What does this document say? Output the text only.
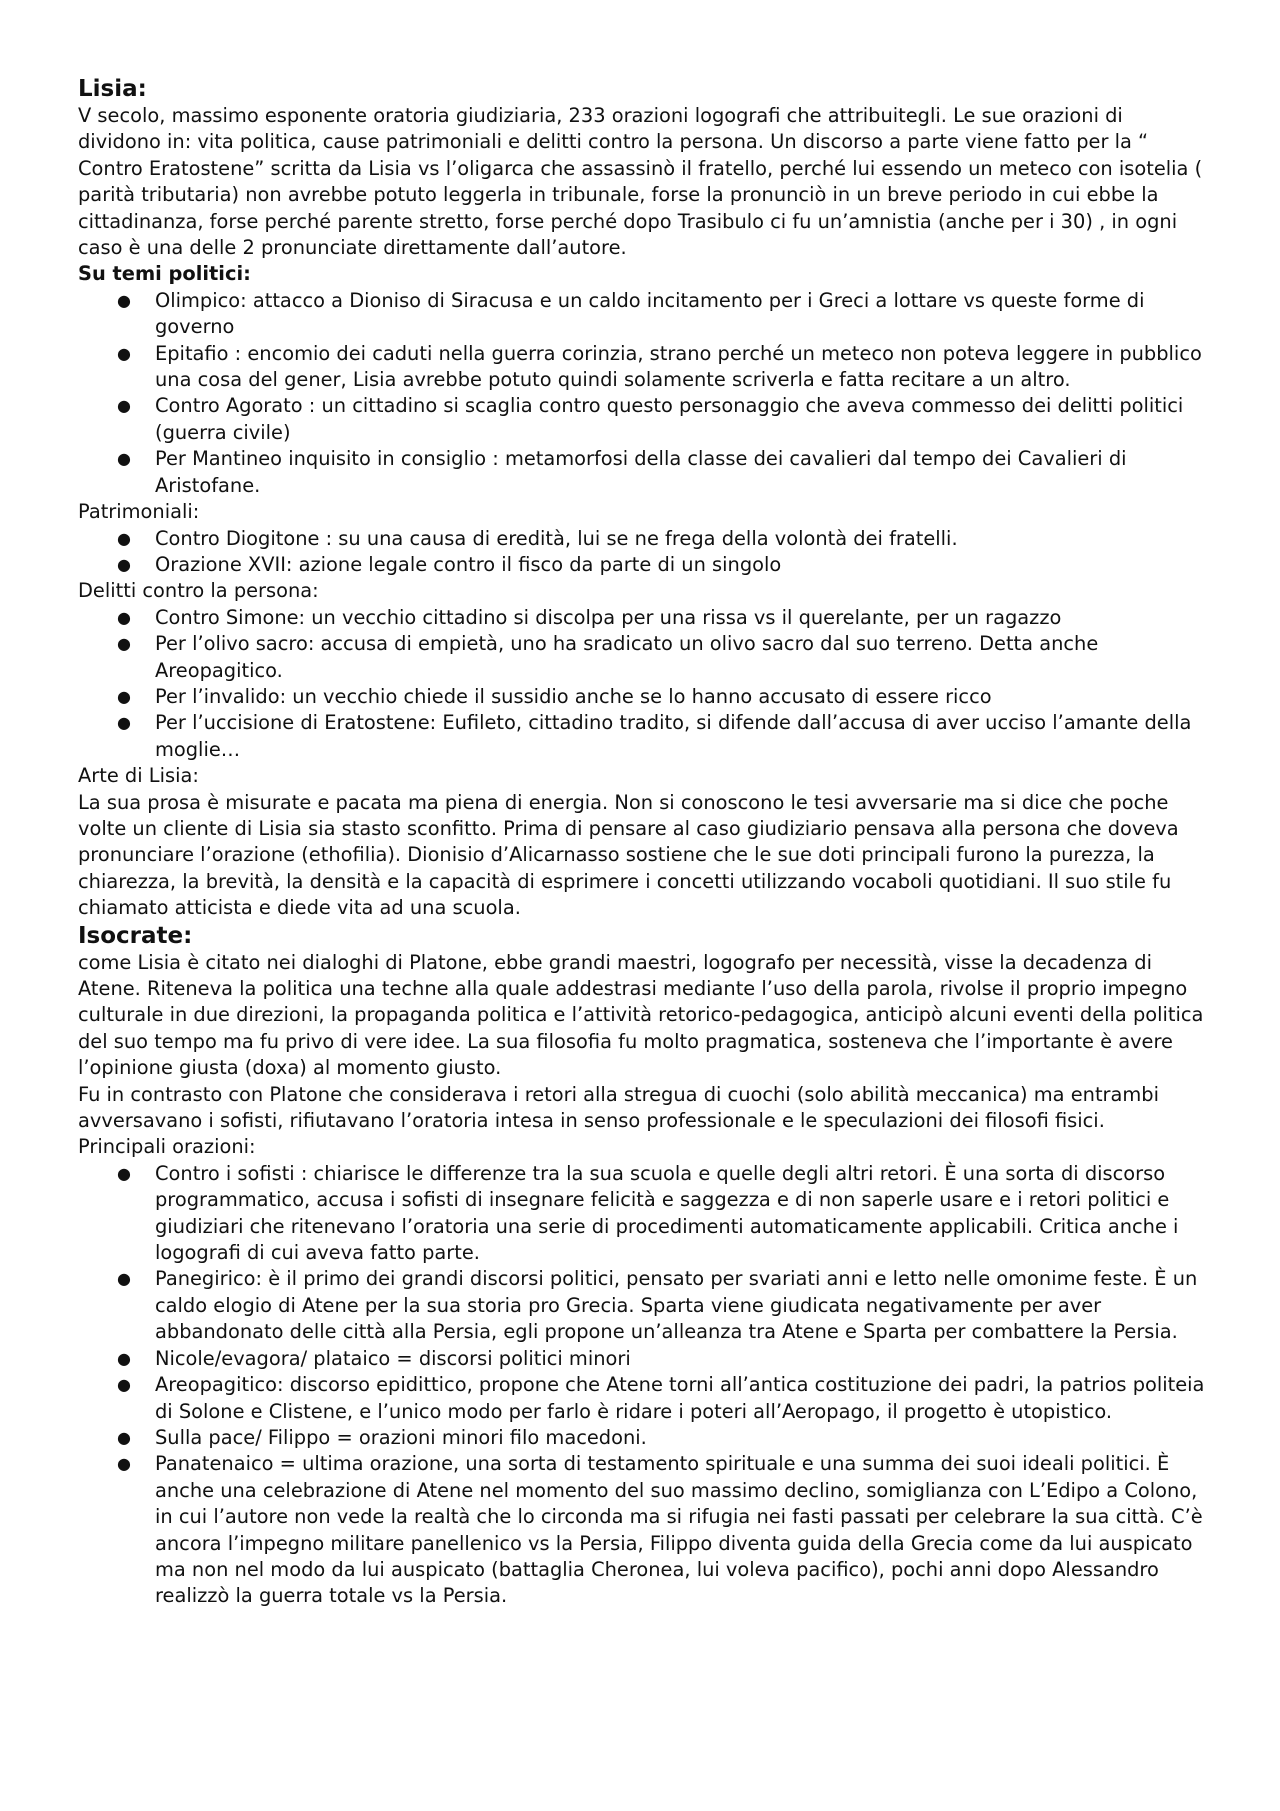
Lisia:

V secolo, massimo esponente oratoria giudiziaria, 233 orazioni logografi che attribuitegli. Le sue orazioni di dividono in: vita politica, cause patrimoniali e delitti contro la persona. Un discorso a parte viene fatto per la “ Contro Eratostene” scritta da Lisia vs l’oligarca che assassinò il fratello, perché lui essendo un meteco con isotelia ( parità tributaria) non avrebbe potuto leggerla in tribunale, forse la pronunciò in un breve periodo in cui ebbe la cittadinanza, forse perché parente stretto, forse perché dopo Trasibulo ci fu un’amnistia (anche per i 30) , in ogni caso è una delle 2 pronunciate direttamente dall’autore.

Su temi politici:

● Olimpico: attacco a Dioniso di Siracusa e un caldo incitamento per i Greci a lottare vs queste forme di governo
● Epitafio : encomio dei caduti nella guerra corinzia, strano perché un meteco non poteva leggere in pubblico una cosa del gener, Lisia avrebbe potuto quindi solamente scriverla e fatta recitare a un altro.
● Contro Agorato : un cittadino si scaglia contro questo personaggio che aveva commesso dei delitti politici (guerra civile)
● Per Mantineo inquisito in consiglio : metamorfosi della classe dei cavalieri dal tempo dei Cavalieri di Aristofane.

Patrimoniali:

● Contro Diogitone : su una causa di eredità, lui se ne frega della volontà dei fratelli.
● Orazione XVII: azione legale contro il fisco da parte di un singolo

Delitti contro la persona:

● Contro Simone: un vecchio cittadino si discolpa per una rissa vs il querelante, per un ragazzo
● Per l’olivo sacro: accusa di empietà, uno ha sradicato un olivo sacro dal suo terreno. Detta anche Areopagitico.
● Per l’invalido: un vecchio chiede il sussidio anche se lo hanno accusato di essere ricco
● Per l’uccisione di Eratostene: Eufileto, cittadino tradito, si difende dall’accusa di aver ucciso l’amante della moglie…

Arte di Lisia:

La sua prosa è misurate e pacata ma piena di energia. Non si conoscono le tesi avversarie ma si dice che poche volte un cliente di Lisia sia stasto sconfitto. Prima di pensare al caso giudiziario pensava alla persona che doveva pronunciare l’orazione (ethofilia). Dionisio d’Alicarnasso sostiene che le sue doti principali furono la purezza, la chiarezza, la brevità, la densità e la capacità di esprimere i concetti utilizzando vocaboli quotidiani. Il suo stile fu chiamato atticista e diede vita ad una scuola.

Isocrate:

come Lisia è citato nei dialoghi di Platone, ebbe grandi maestri, logografo per necessità, visse la decadenza di Atene. Riteneva la politica una techne alla quale addestrasi mediante l’uso della parola, rivolse il proprio impegno culturale in due direzioni, la propaganda politica e l’attività retorico-pedagogica, anticipò alcuni eventi della politica del suo tempo ma fu privo di vere idee. La sua filosofia fu molto pragmatica, sosteneva che l’importante è avere l’opinione giusta (doxa) al momento giusto.

Fu in contrasto con Platone che considerava i retori alla stregua di cuochi (solo abilità meccanica) ma entrambi avversavano i sofisti, rifiutavano l’oratoria intesa in senso professionale e le speculazioni dei filosofi fisici.

Principali orazioni:

● Contro i sofisti : chiarisce le differenze tra la sua scuola e quelle degli altri retori. È una sorta di discorso programmatico, accusa i sofisti di insegnare felicità e saggezza e di non saperle usare e i retori politici e giudiziari che ritenevano l’oratoria una serie di procedimenti automaticamente applicabili. Critica anche i logografi di cui aveva fatto parte.
● Panegirico: è il primo dei grandi discorsi politici, pensato per svariati anni e letto nelle omonime feste. È un caldo elogio di Atene per la sua storia pro Grecia. Sparta viene giudicata negativamente per aver abbandonato delle città alla Persia, egli propone un’alleanza tra Atene e Sparta per combattere la Persia.
● Nicole/evagora/ plataico = discorsi politici minori
● Areopagitico: discorso epidittico, propone che Atene torni all’antica costituzione dei padri, la patrios politeia di Solone e Clistene, e l’unico modo per farlo è ridare i poteri all’Aeropago, il progetto è utopistico.
● Sulla pace/ Filippo = orazioni minori filo macedoni.
● Panatenaico = ultima orazione, una sorta di testamento spirituale e una summa dei suoi ideali politici. È anche una celebrazione di Atene nel momento del suo massimo declino, somiglianza con L’Edipo a Colono, in cui l’autore non vede la realtà che lo circonda ma si rifugia nei fasti passati per celebrare la sua città. C’è ancora l’impegno militare panellenico vs la Persia, Filippo diventa guida della Grecia come da lui auspicato ma non nel modo da lui auspicato (battaglia Cheronea, lui voleva pacifico), pochi anni dopo Alessandro realizzò la guerra totale vs la Persia.
